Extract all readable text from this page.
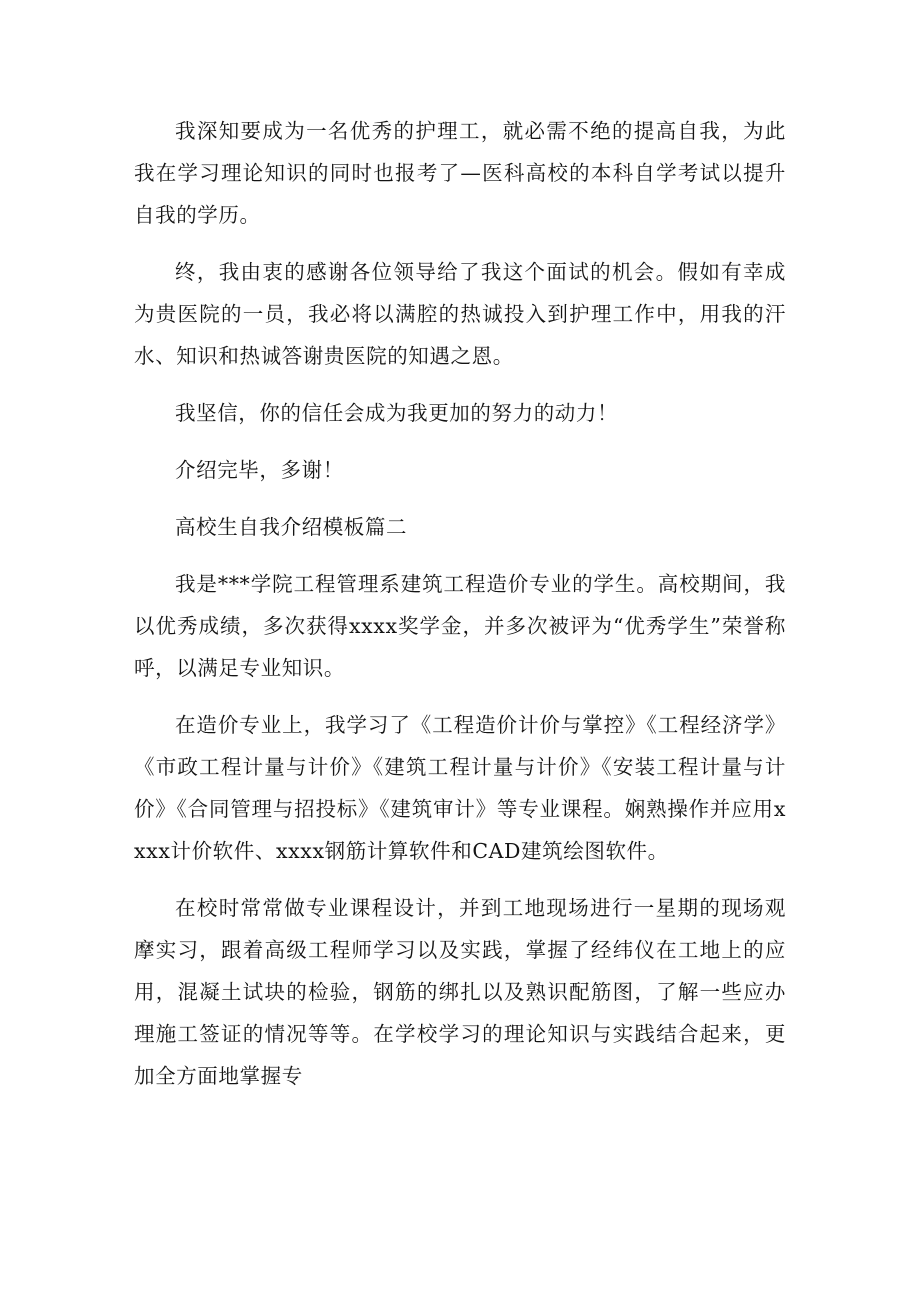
我深知要成为一名优秀的护理工，就必需不绝的提高自我，为此我在学习理论知识的同时也报考了—医科高校的本科自学考试以提升自我的学历。

终，我由衷的感谢各位领导给了我这个面试的机会。假如有幸成为贵医院的一员，我必将以满腔的热诚投入到护理工作中，用我的汗水、知识和热诚答谢贵医院的知遇之恩。

我坚信，你的信任会成为我更加的努力的动力！

介绍完毕，多谢！

高校生自我介绍模板篇二

我是***学院工程管理系建筑工程造价专业的学生。高校期间，我以优秀成绩，多次获得xxxx奖学金，并多次被评为“优秀学生”荣誉称呼，以满足专业知识。

在造价专业上，我学习了《工程造价计价与掌控》《工程经济学》《市政工程计量与计价》《建筑工程计量与计价》《安装工程计量与计价》《合同管理与招投标》《建筑审计》等专业课程。娴熟操作并应用xxxx计价软件、xxxx钢筋计算软件和CAD建筑绘图软件。

在校时常常做专业课程设计，并到工地现场进行一星期的现场观摩实习，跟着高级工程师学习以及实践，掌握了经纬仪在工地上的应用，混凝土试块的检验，钢筋的绑扎以及熟识配筋图，了解一些应办理施工签证的情况等等。在学校学习的理论知识与实践结合起来，更加全方面地掌握专
